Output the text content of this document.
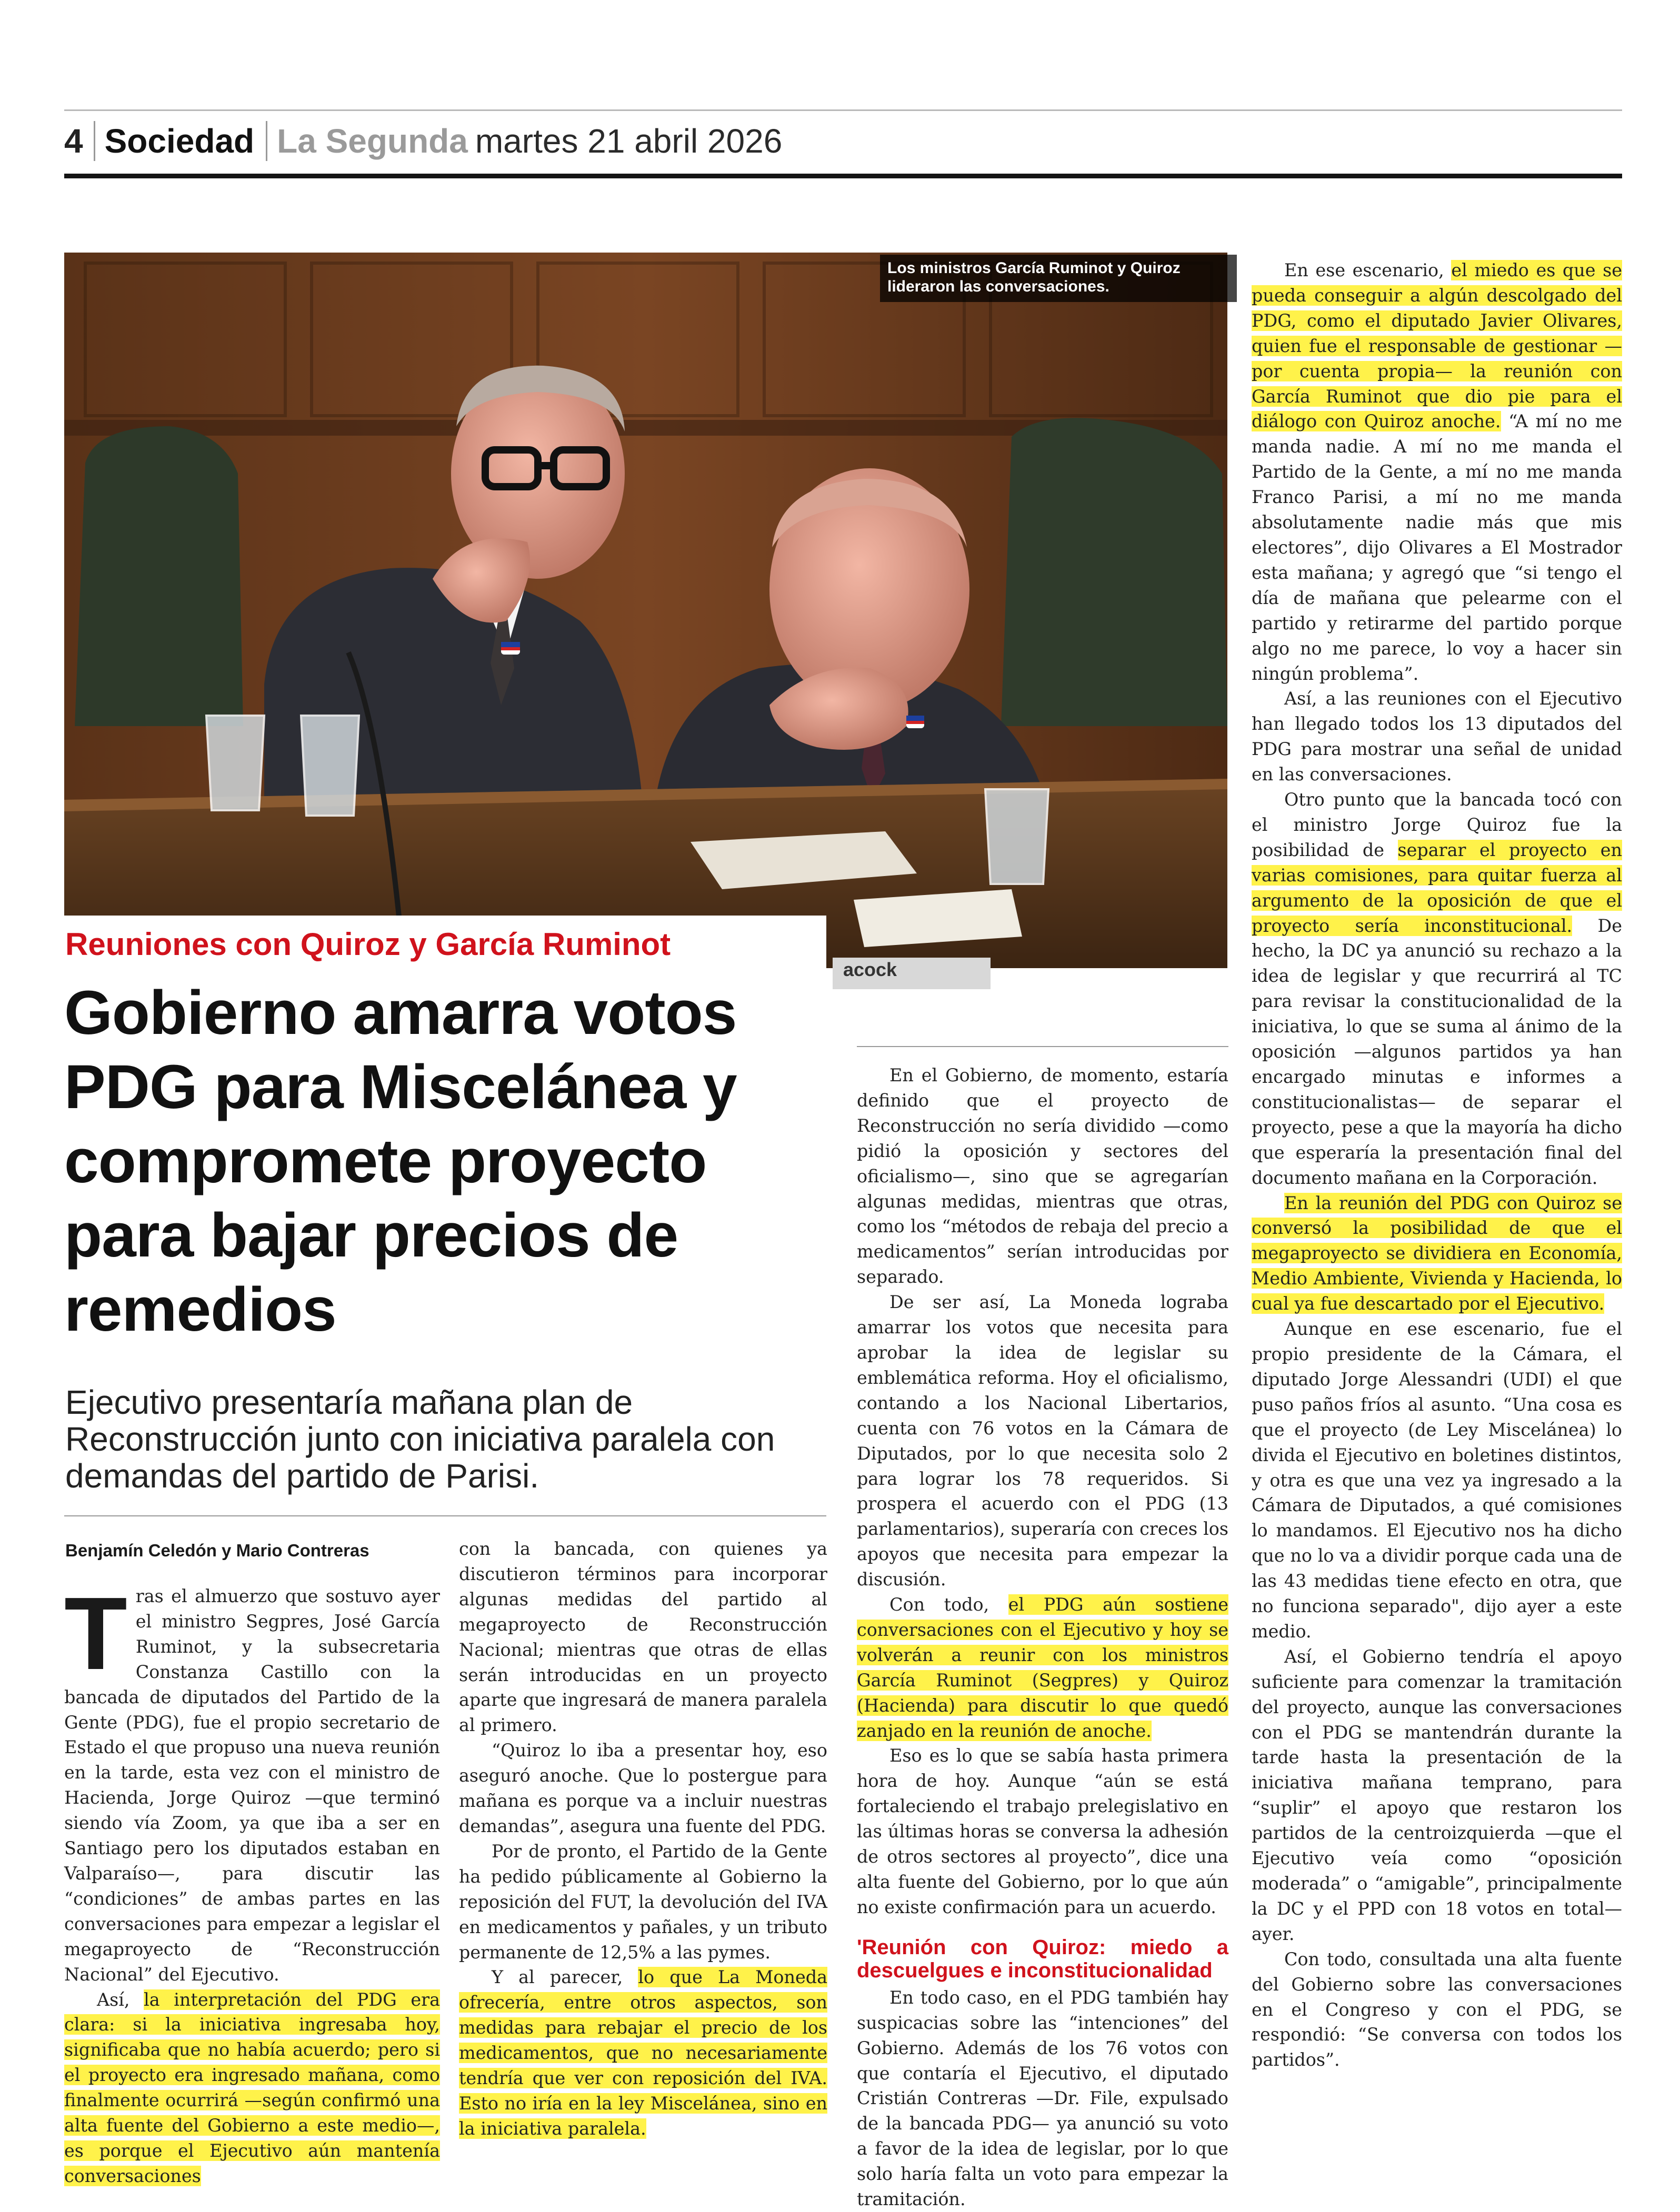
4 Sociedad La Segunda martes 21 abril 2026
acock
Los ministros García Ruminot y Quiroz lideraron las conversaciones.
Reuniones con Quiroz y García Ruminot
Gobierno amarra votos PDG para Miscelánea y compromete proyecto para bajar precios de remedios

Ejecutivo presentaría mañana plan de Reconstrucción junto con iniciativa paralela con demandas del partido de Parisi.

Benjamín Celedón y Mario Contreras

Tras el almuerzo que sostuvo ayer el ministro Segpres, José García Ruminot, y la subsecretaria Constanza Castillo con la bancada de diputados del Partido de la Gente (PDG), fue el propio secretario de Estado el que propuso una nueva reunión en la tarde, esta vez con el ministro de Hacienda, Jorge Quiroz —que terminó siendo vía Zoom, ya que iba a ser en Santiago pero los diputados estaban en Valparaíso—, para discutir las “condiciones” de ambas partes en las conversaciones para empezar a legislar el megaproyecto de “Reconstrucción Nacional” del Ejecutivo.

Así, la interpretación del PDG era clara: si la iniciativa ingresaba hoy, significaba que no había acuerdo; pero si el proyecto era ingresado mañana, como finalmente ocurrirá —según confirmó una alta fuente del Gobierno a este medio—, es porque el Ejecutivo aún mantenía conversaciones

con la bancada, con quienes ya discutieron términos para incorporar algunas medidas del partido al megaproyecto de Reconstrucción Nacional; mientras que otras de ellas serán introducidas en un proyecto aparte que ingresará de manera paralela al primero.

“Quiroz lo iba a presentar hoy, eso aseguró anoche. Que lo postergue para mañana es porque va a incluir nuestras demandas”, asegura una fuente del PDG.

Por de pronto, el Partido de la Gente ha pedido públicamente al Gobierno la reposición del FUT, la devolución del IVA en medicamentos y pañales, y un tributo permanente de 12,5% a las pymes.

Y al parecer, lo que La Moneda ofrecería, entre otros aspectos, son medidas para rebajar el precio de los medicamentos, que no necesariamente tendría que ver con reposición del IVA. Esto no iría en la ley Miscelánea, sino en la iniciativa paralela.

En el Gobierno, de momento, estaría definido que el proyecto de Reconstrucción no sería dividido —como pidió la oposición y sectores del oficialismo—, sino que se agregarían algunas medidas, mientras que otras, como los “métodos de rebaja del precio a medicamentos” serían introducidas por separado.

De ser así, La Moneda lograba amarrar los votos que necesita para aprobar la idea de legislar su emblemática reforma. Hoy el oficialismo, contando a los Nacional Libertarios, cuenta con 76 votos en la Cámara de Diputados, por lo que necesita solo 2 para lograr los 78 requeridos. Si prospera el acuerdo con el PDG (13 parlamentarios), superaría con creces los apoyos que necesita para empezar la discusión.

Con todo, el PDG aún sostiene conversaciones con el Ejecutivo y hoy se volverán a reunir con los ministros García Ruminot (Segpres) y Quiroz (Hacienda) para discutir lo que quedó zanjado en la reunión de anoche.

Eso es lo que se sabía hasta primera hora de hoy. Aunque “aún se está fortaleciendo el trabajo prelegislativo en las últimas horas se conversa la adhesión de otros sectores al proyecto”, dice una alta fuente del Gobierno, por lo que aún no existe confirmación para un acuerdo.

'Reunión con Quiroz: miedo a descuelgues e inconstitucionalidad

En todo caso, en el PDG también hay suspicacias sobre las “intenciones” del Gobierno. Además de los 76 votos con que contaría el Ejecutivo, el diputado Cristián Contreras —Dr. File, expulsado de la bancada PDG— ya anunció su voto a favor de la idea de legislar, por lo que solo haría falta un voto para empezar la tramitación.

En ese escenario, el miedo es que se pueda conseguir a algún descolgado del PDG, como el diputado Javier Olivares, quien fue el responsable de gestionar —por cuenta propia— la reunión con García Ruminot que dio pie para el diálogo con Quiroz anoche. “A mí no me manda nadie. A mí no me manda el Partido de la Gente, a mí no me manda Franco Parisi, a mí no me manda absolutamente nadie más que mis electores”, dijo Olivares a El Mostrador esta mañana; y agregó que “si tengo el día de mañana que pelearme con el partido y retirarme del partido porque algo no me parece, lo voy a hacer sin ningún problema”.

Así, a las reuniones con el Ejecutivo han llegado todos los 13 diputados del PDG para mostrar una señal de unidad en las conversaciones.

Otro punto que la bancada tocó con el ministro Jorge Quiroz fue la posibilidad de separar el proyecto en varias comisiones, para quitar fuerza al argumento de la oposición de que el proyecto sería inconstitucional. De hecho, la DC ya anunció su rechazo a la idea de legislar y que recurrirá al TC para revisar la constitucionalidad de la iniciativa, lo que se suma al ánimo de la oposición —algunos partidos ya han encargado minutas e informes a constitucionalistas— de separar el proyecto, pese a que la mayoría ha dicho que esperaría la presentación final del documento mañana en la Corporación.

En la reunión del PDG con Quiroz se conversó la posibilidad de que el megaproyecto se dividiera en Economía, Medio Ambiente, Vivienda y Hacienda, lo cual ya fue descartado por el Ejecutivo.

Aunque en ese escenario, fue el propio presidente de la Cámara, el diputado Jorge Alessandri (UDI) el que puso paños fríos al asunto. “Una cosa es que el proyecto (de Ley Miscelánea) lo divida el Ejecutivo en boletines distintos, y otra es que una vez ya ingresado a la Cámara de Diputados, a qué comisiones lo mandamos. El Ejecutivo nos ha dicho que no lo va a dividir porque cada una de las 43 medidas tiene efecto en otra, que no funciona separado", dijo ayer a este medio.

Así, el Gobierno tendría el apoyo suficiente para comenzar la tramitación del proyecto, aunque las conversaciones con el PDG se mantendrán durante la tarde hasta la presentación de la iniciativa mañana temprano, para “suplir” el apoyo que restaron los partidos de la centroizquierda —que el Ejecutivo veía como “oposición moderada” o “amigable”, principalmente la DC y el PPD con 18 votos en total— ayer.

Con todo, consultada una alta fuente del Gobierno sobre las conversaciones en el Congreso y con el PDG, se respondió: “Se conversa con todos los partidos”.
